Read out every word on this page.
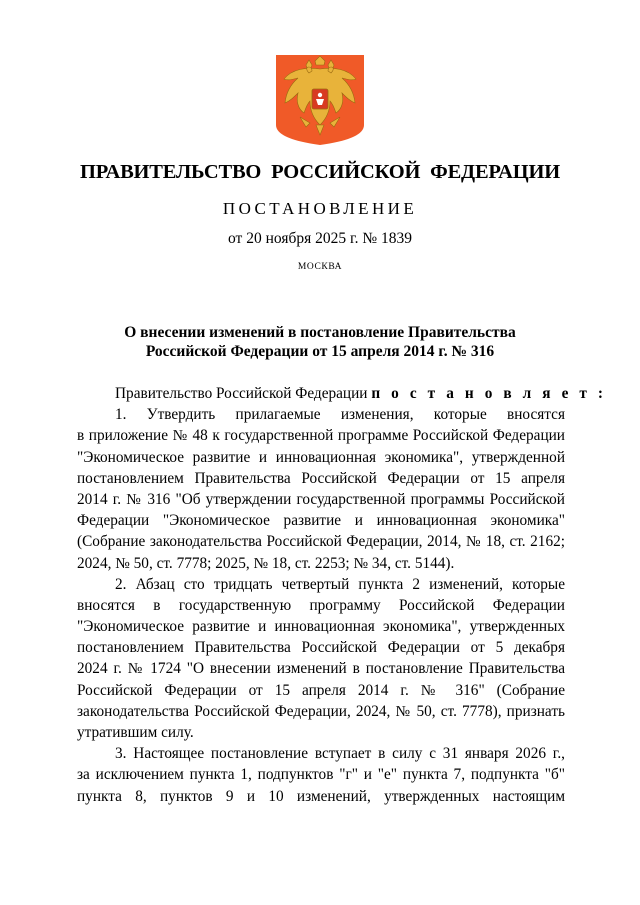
ПРАВИТЕЛЬСТВО РОССИЙСКОЙ ФЕДЕРАЦИИ
ПОСТАНОВЛЕНИЕ
от 20 ноября 2025 г. № 1839
МОСКВА
О внесении изменений в постановление Правительства
Российской Федерации от 15 апреля 2014 г. № 316
Правительство Российской Федерации п о с т а н о в л я е т :
1. Утвердить прилагаемые изменения, которые вносятся
в приложение № 48 к государственной программе Российской Федерации
"Экономическое развитие и инновационная экономика", утвержденной
постановлением Правительства Российской Федерации от 15 апреля
2014 г. № 316 "Об утверждении государственной программы Российской
Федерации "Экономическое развитие и инновационная экономика"
(Собрание законодательства Российской Федерации, 2014, № 18, ст. 2162;
2024, № 50, ст. 7778; 2025, № 18, ст. 2253; № 34, ст. 5144).
2. Абзац сто тридцать четвертый пункта 2 изменений, которые
вносятся в государственную программу Российской Федерации
"Экономическое развитие и инновационная экономика", утвержденных
постановлением Правительства Российской Федерации от 5 декабря
2024 г. № 1724 "О внесении изменений в постановление Правительства
Российской Федерации от 15 апреля 2014 г. № 316" (Собрание
законодательства Российской Федерации, 2024, № 50, ст. 7778), признать
утратившим силу.
3. Настоящее постановление вступает в силу с 31 января 2026 г.,
за исключением пункта 1, подпунктов "г" и "е" пункта 7, подпункта "б"
пункта 8, пунктов 9 и 10 изменений, утвержденных настоящим
